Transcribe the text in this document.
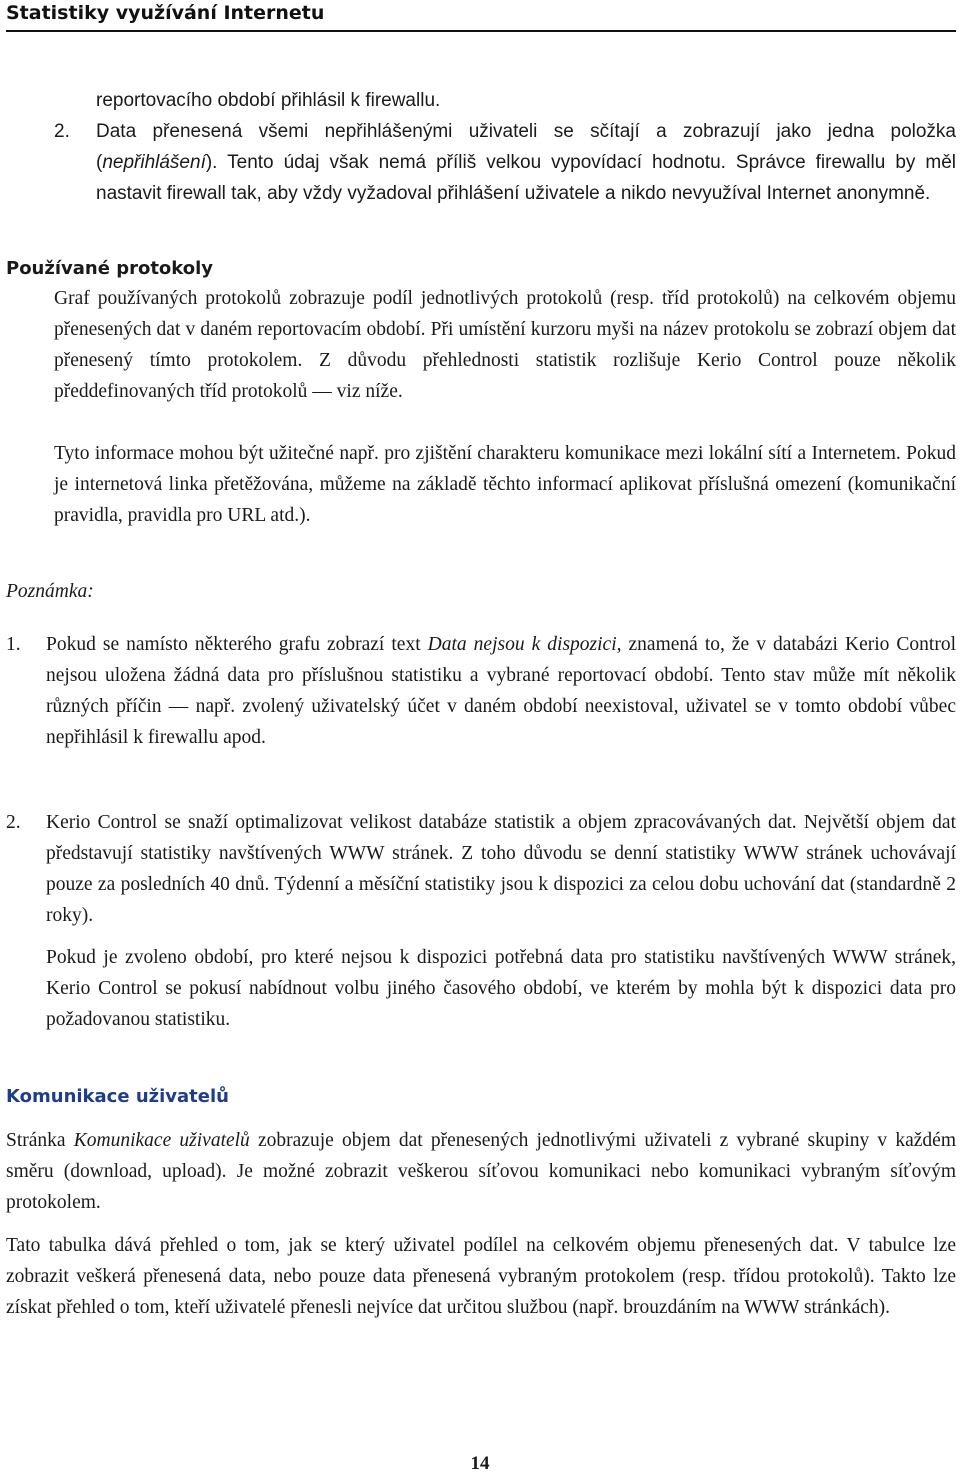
Statistiky využívání Internetu
reportovacího období přihlásil k firewallu.
2. Data přenesená všemi nepřihlášenými uživateli se sčítají a zobrazují jako jedna položka (nepřihlášení). Tento údaj však nemá příliš velkou vypovídací hodnotu. Správce firewallu by měl nastavit firewall tak, aby vždy vyžadoval přihlášení uživatele a nikdo nevyužíval Internet anonymně.
Používané protokoly
Graf používaných protokolů zobrazuje podíl jednotlivých protokolů (resp. tříd protokolů) na celkovém objemu přenesených dat v daném reportovacím období. Při umístění kurzoru myši na název protokolu se zobrazí objem dat přenesený tímto protokolem. Z důvodu přehlednosti statistik rozlišuje Kerio Control pouze několik předdefinovaných tříd protokolů — viz níže.
Tyto informace mohou být užitečné např. pro zjištění charakteru komunikace mezi lokální sítí a Internetem. Pokud je internetová linka přetěžována, můžeme na základě těchto informací aplikovat příslušná omezení (komunikační pravidla, pravidla pro URL atd.).
Poznámka:
1. Pokud se namísto některého grafu zobrazí text Data nejsou k dispozici, znamená to, že v databázi Kerio Control nejsou uložena žádná data pro příslušnou statistiku a vybrané reportovací období. Tento stav může mít několik různých příčin — např. zvolený uživatelský účet v daném období neexistoval, uživatel se v tomto období vůbec nepřihlásil k firewallu apod.
2. Kerio Control se snaží optimalizovat velikost databáze statistik a objem zpracovávaných dat. Největší objem dat představují statistiky navštívených WWW stránek. Z toho důvodu se denní statistiky WWW stránek uchovávají pouze za posledních 40 dnů. Týdenní a měsíční statistiky jsou k dispozici za celou dobu uchování dat (standardně 2 roky).
Pokud je zvoleno období, pro které nejsou k dispozici potřebná data pro statistiku navštívených WWW stránek, Kerio Control se pokusí nabídnout volbu jiného časového období, ve kterém by mohla být k dispozici data pro požadovanou statistiku.
Komunikace uživatelů
Stránka Komunikace uživatelů zobrazuje objem dat přenesených jednotlivými uživateli z vybrané skupiny v každém směru (download, upload). Je možné zobrazit veškerou síťovou komunikaci nebo komunikaci vybraným síťovým protokolem.
Tato tabulka dává přehled o tom, jak se který uživatel podílel na celkovém objemu přenesených dat. V tabulce lze zobrazit veškerá přenesená data, nebo pouze data přenesená vybraným protokolem (resp. třídou protokolů). Takto lze získat přehled o tom, kteří uživatelé přenesli nejvíce dat určitou službou (např. brouzdáním na WWW stránkách).
14
